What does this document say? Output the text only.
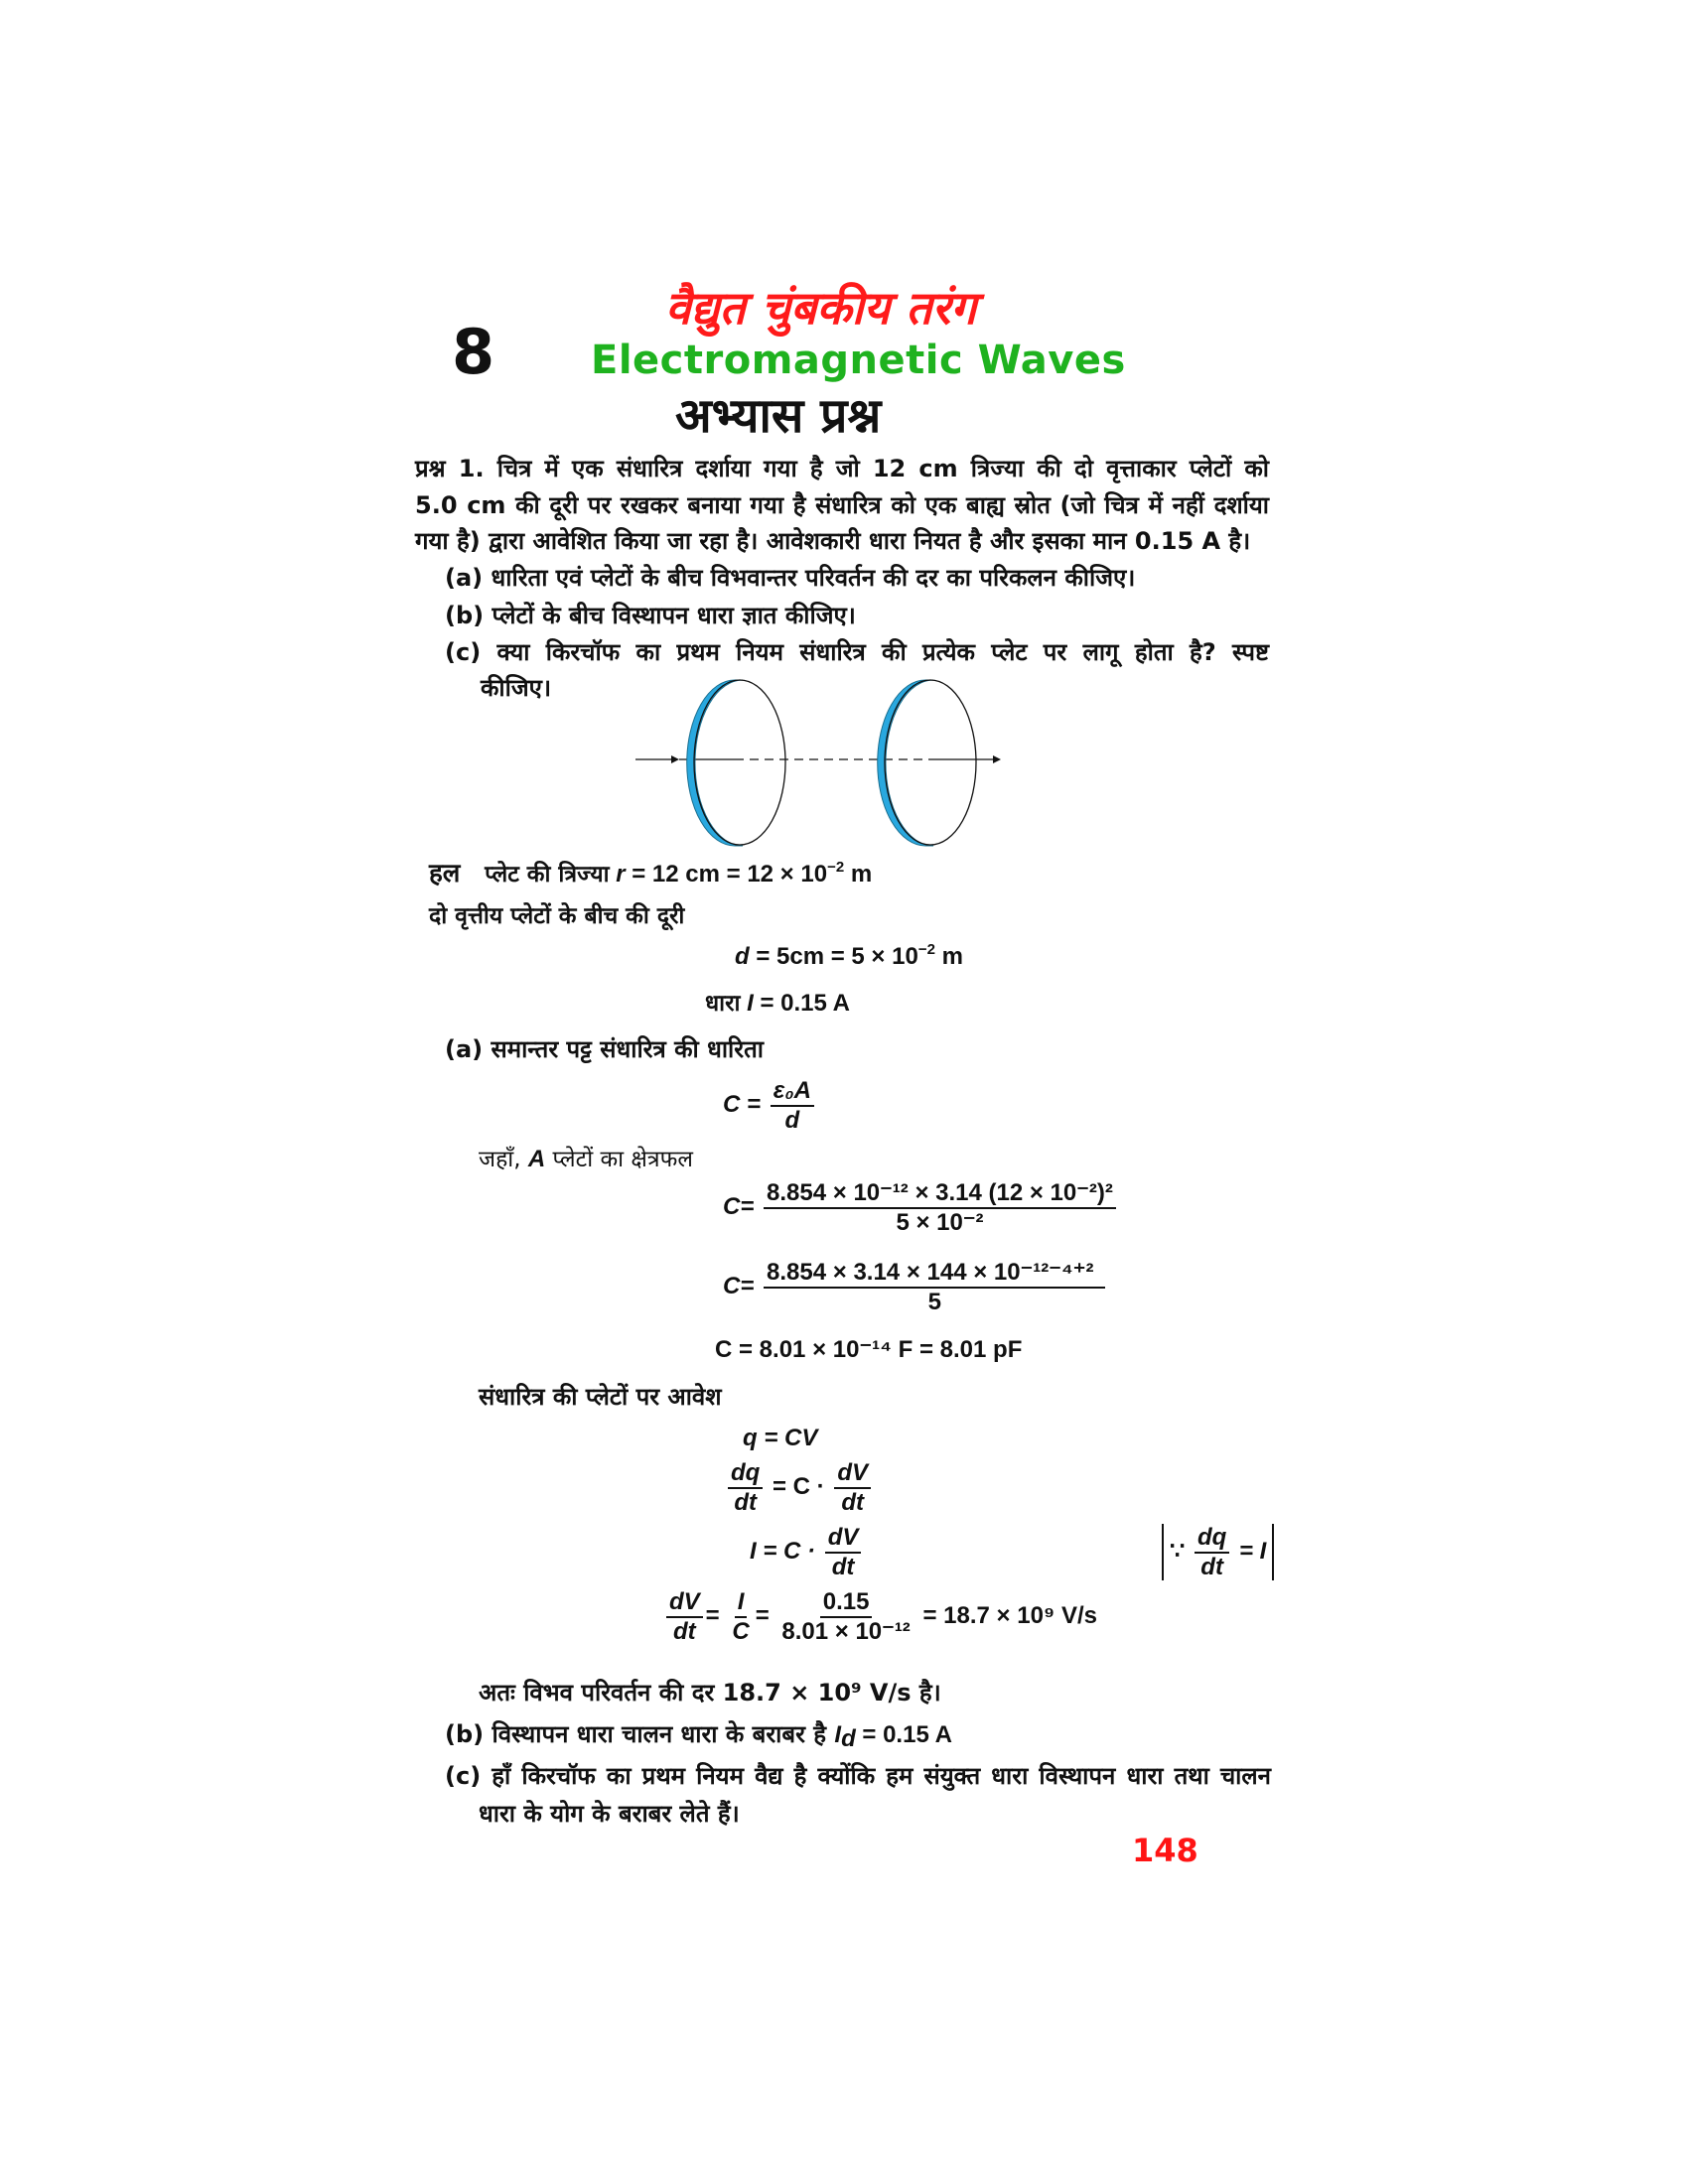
वैद्युत चुंबकीय तरंग
8 Electromagnetic Waves
अभ्यास प्रश्न
प्रश्न 1. चित्र में एक संधारित्र दर्शाया गया है जो 12 cm त्रिज्या की दो वृत्ताकार प्लेटों को
5.0 cm की दूरी पर रखकर बनाया गया है संधारित्र को एक बाह्य स्रोत (जो चित्र में नहीं दर्शाया
गया है) द्वारा आवेशित किया जा रहा है। आवेशकारी धारा नियत है और इसका मान 0.15 A है।
(a) धारिता एवं प्लेटों के बीच विभवान्तर परिवर्तन की दर का परिकलन कीजिए।
(b) प्लेटों के बीच विस्थापन धारा ज्ञात कीजिए।
(c) क्या किरचॉफ का प्रथम नियम संधारित्र की प्रत्येक प्लेट पर लागू होता है? स्पष्ट
कीजिए।
हल प्लेट की त्रिज्या r = 12 cm = $12 \times 10^{-2}$ m
दो वृत्तीय प्लेटों के बीच की दूरी
$d = 5cm = 5 \times 10^{-2}$ m
धारा I = 0.15 A
(a) समान्तर पट्ट संधारित्र की धारिता
$C = \frac{\text{ε₀A}}{d}$
जहाँ, A प्लेटों का क्षेत्रफल
$C= \frac{\text{8.854 × 10⁻¹² × 3.14 (12 × 10⁻²)²}}{\text{5 × 10⁻²}}$
$C= \frac{\text{8.854 × 3.14 × 144 × 10⁻¹²⁻⁴⁺²}}{5}$
C = 8.01 × 10⁻¹⁴ F = 8.01 pF
संधारित्र की प्लेटों पर आवेश
q = CV
$\frac{dq}{dt} = C \cdot \frac{dV}{dt}$
$I = C \cdot \frac{dV}{dt}$	∵ $\frac{dq}{dt} = I$
$\frac{dV}{dt} = \frac{I}{C} = \frac{0.15}{\text{8.01 × 10⁻¹²}} = 18.7 \times 10^9$ V/s
अतः विभव परिवर्तन की दर 18.7 × 10⁹ V/s है।
(b) विस्थापन धारा चालन धारा के बराबर है $I_d = 0.15$ A
(c) हाँ किरचॉफ का प्रथम नियम वैद्य है क्योंकि हम संयुक्त धारा विस्थापन धारा तथा चालन
धारा के योग के बराबर लेते हैं।
148
